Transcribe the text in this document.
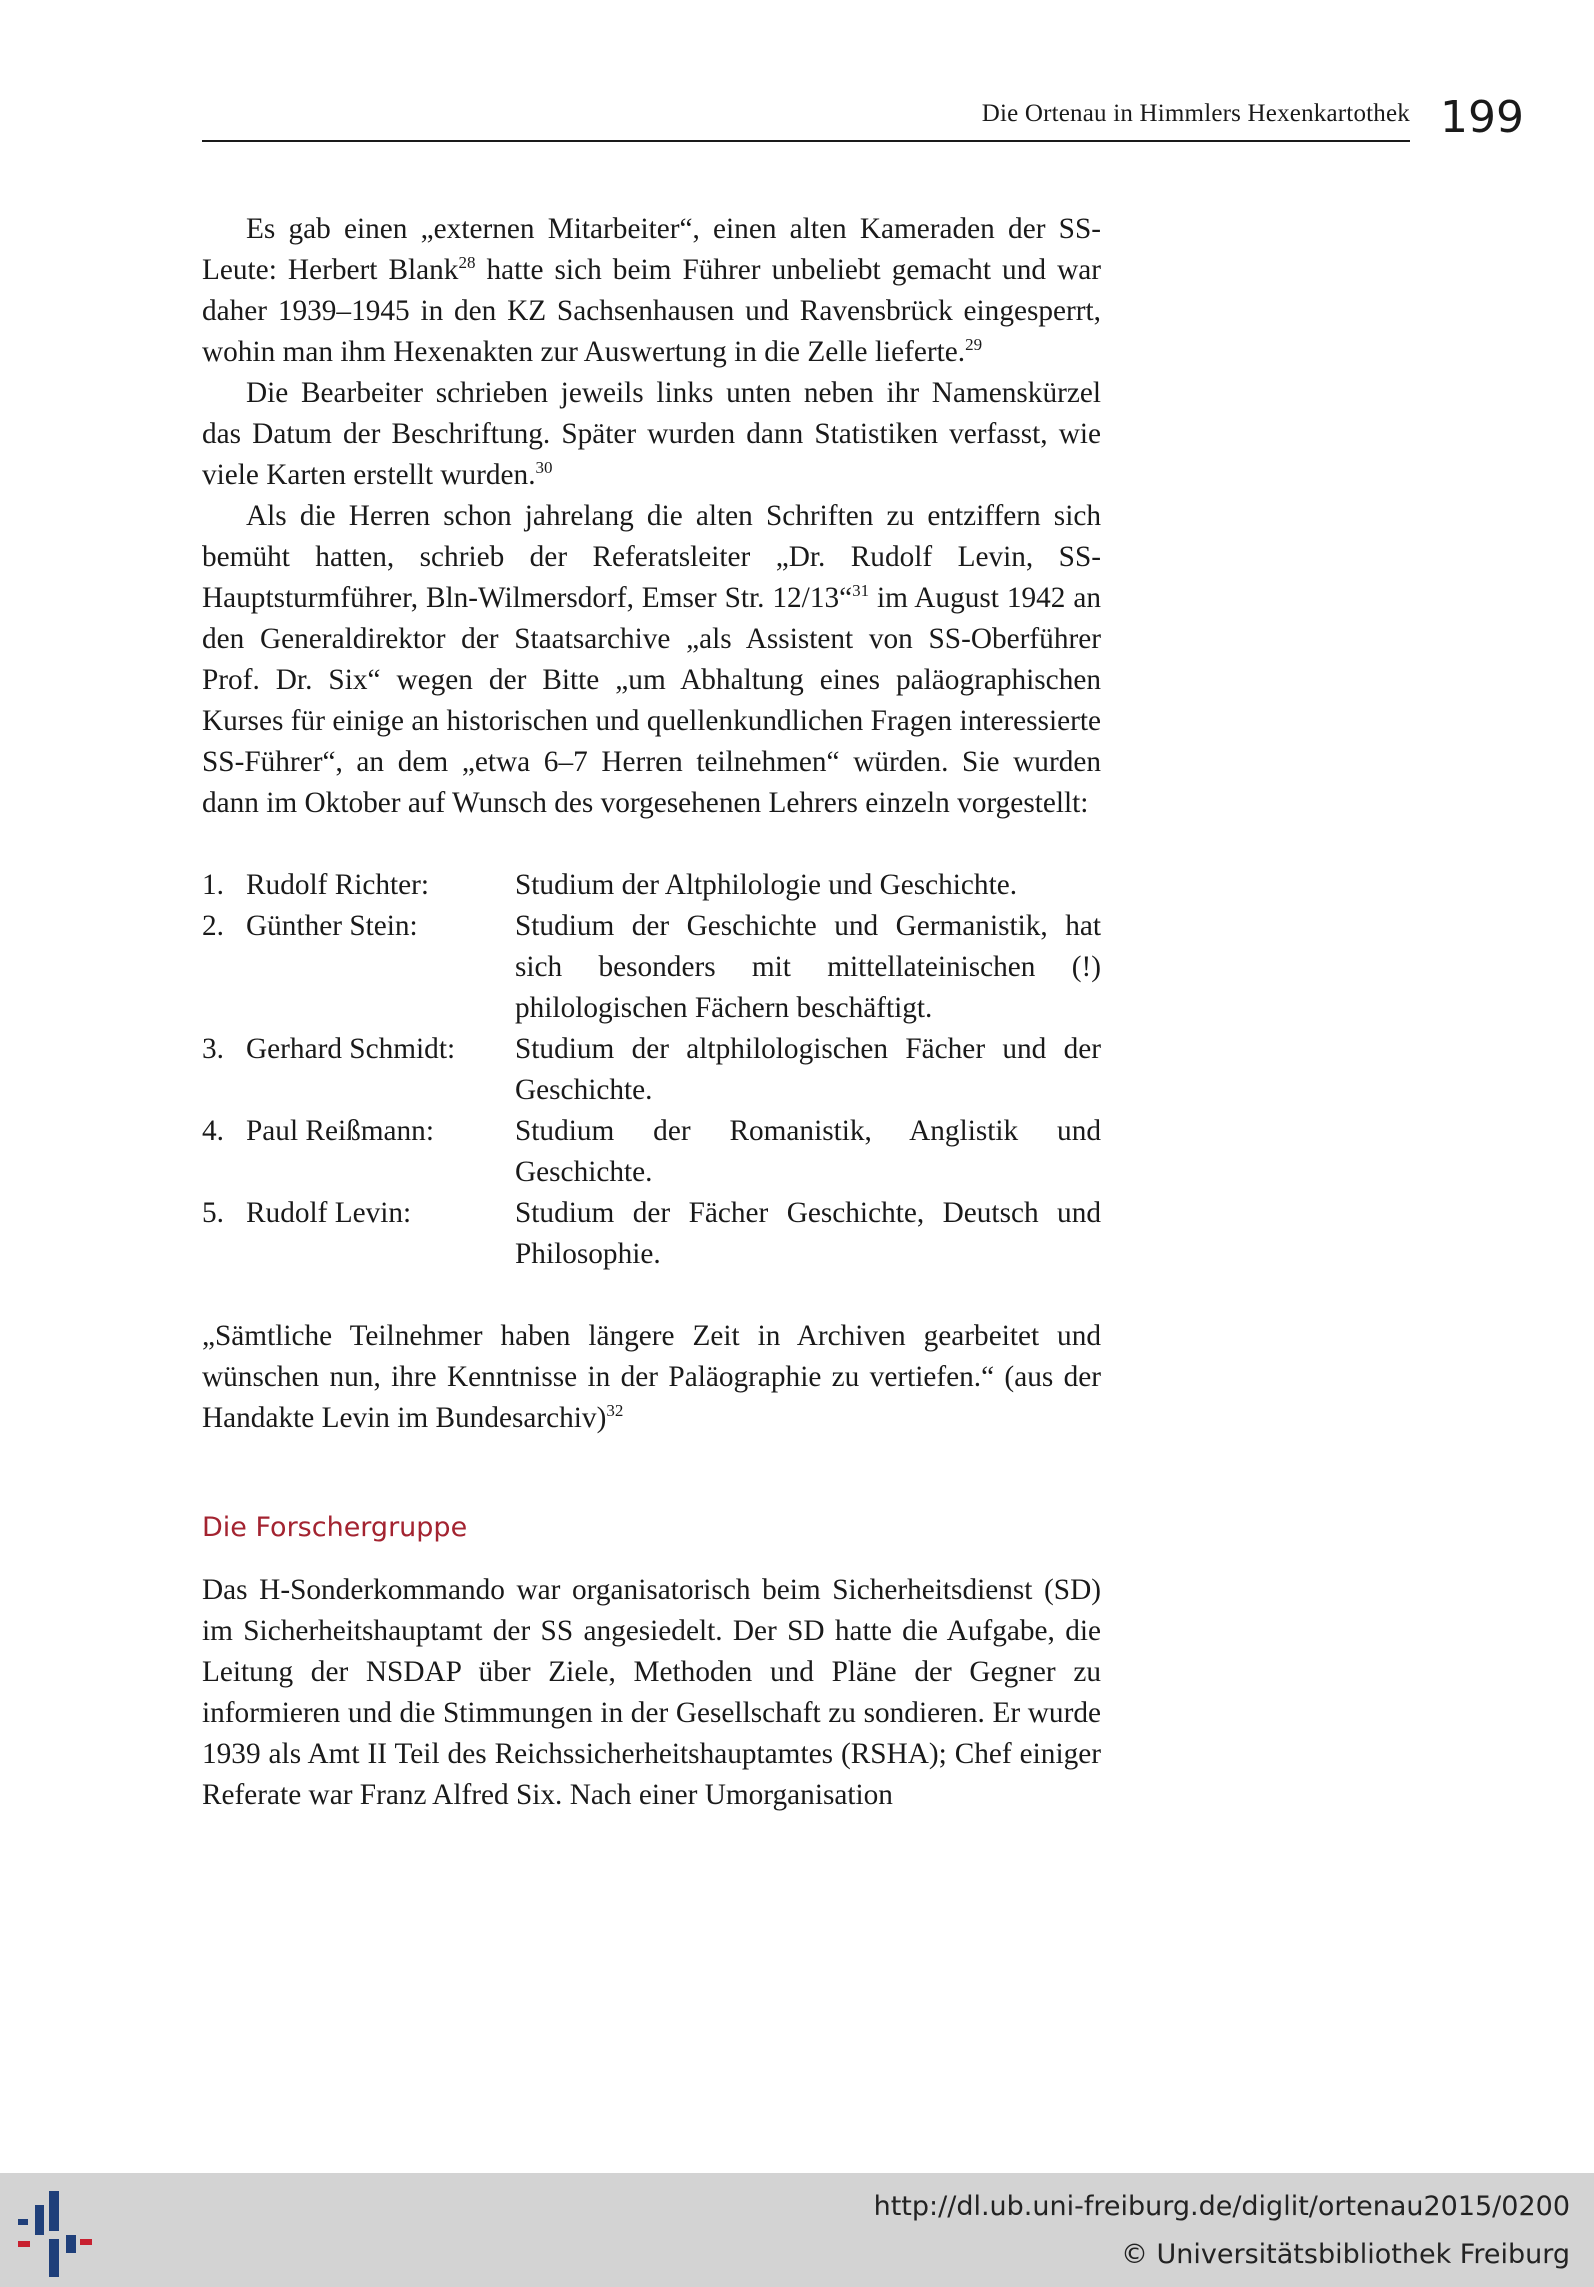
Die Ortenau in Himmlers Hexenkartothek 199

Es gab einen „externen Mitarbeiter“, einen alten Kameraden der SS-Leute: Herbert Blank$^{28}$ hatte sich beim Führer unbeliebt gemacht und war daher 1939–1945 in den KZ Sachsenhausen und Ravensbrück eingesperrt, wohin man ihm Hexenakten zur Auswertung in die Zelle lieferte.$^{29}$

Die Bearbeiter schrieben jeweils links unten neben ihr Namenskürzel das Datum der Beschriftung. Später wurden dann Statistiken verfasst, wie viele Karten erstellt wurden.$^{30}$

Als die Herren schon jahrelang die alten Schriften zu entziffern sich bemüht hatten, schrieb der Referatsleiter „Dr. Rudolf Levin, SS-Hauptsturmführer, Bln-Wilmersdorf, Emser Str. 12/13“$^{31}$ im August 1942 an den Generaldirektor der Staatsarchive „als Assistent von SS-Oberführer Prof. Dr. Six“ wegen der Bitte „um Abhaltung eines paläographischen Kurses für einige an historischen und quellenkundlichen Fragen interessierte SS-Führer“, an dem „etwa 6–7 Herren teilnehmen“ würden. Sie wurden dann im Oktober auf Wunsch des vorgesehenen Lehrers einzeln vorgestellt:

1. Rudolf Richter:	Studium der Altphilologie und Geschichte.
2. Günther Stein:	Studium der Geschichte und Germanistik, hat sich besonders mit mittellateinischen (!) philologischen Fächern beschäftigt.
3. Gerhard Schmidt:	Studium der altphilologischen Fächer und der Geschichte.
4. Paul Reißmann:	Studium der Romanistik, Anglistik und Geschichte.
5. Rudolf Levin:	Studium der Fächer Geschichte, Deutsch und Philosophie.

„Sämtliche Teilnehmer haben längere Zeit in Archiven gearbeitet und wünschen nun, ihre Kenntnisse in der Paläographie zu vertiefen.“ (aus der Handakte Levin im Bundesarchiv)$^{32}$

Die Forschergruppe

Das H-Sonderkommando war organisatorisch beim Sicherheitsdienst (SD) im Sicherheitshauptamt der SS angesiedelt. Der SD hatte die Aufgabe, die Leitung der NSDAP über Ziele, Methoden und Pläne der Gegner zu informieren und die Stimmungen in der Gesellschaft zu sondieren. Er wurde 1939 als Amt II Teil des Reichssicherheitshauptamtes (RSHA); Chef einiger Referate war Franz Alfred Six. Nach einer Umorganisation

http://dl.ub.uni-freiburg.de/diglit/ortenau2015/0200
© Universitätsbibliothek Freiburg
